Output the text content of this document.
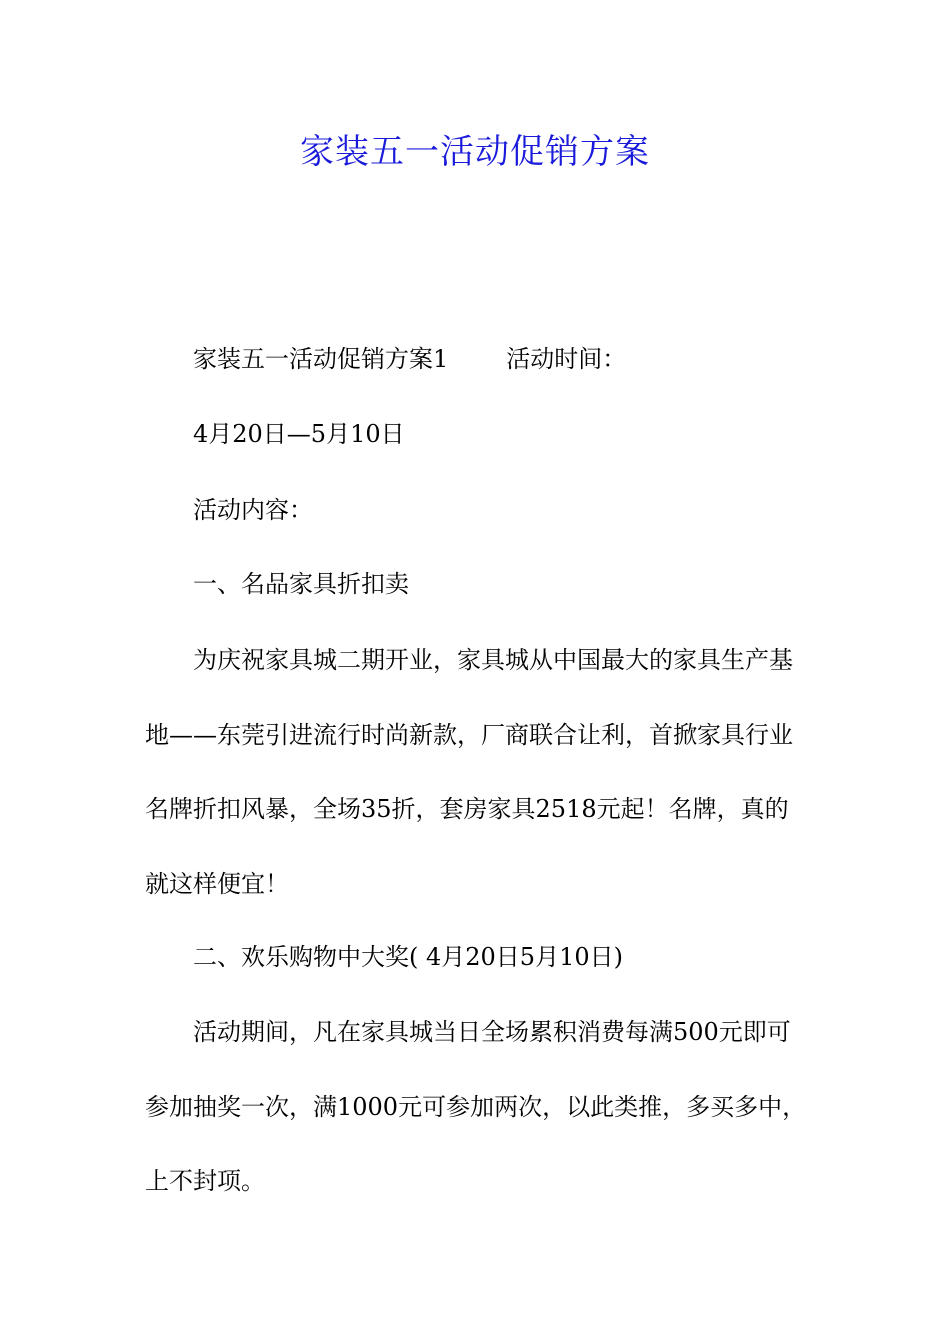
家装五一活动促销方案
家装五一活动促销方案1 活动时间：
4月20日—5月10日
活动内容：
一、名品家具折扣卖
为庆祝家具城二期开业，家具城从中国最大的家具生产基
地——东莞引进流行时尚新款，厂商联合让利，首掀家具行业
名牌折扣风暴，全场35折，套房家具2518元起！名牌，真的
就这样便宜！
二、欢乐购物中大奖( 4月20日5月10日)
活动期间，凡在家具城当日全场累积消费每满500元即可
参加抽奖一次，满1000元可参加两次，以此类推，多买多中，
上不封项。
